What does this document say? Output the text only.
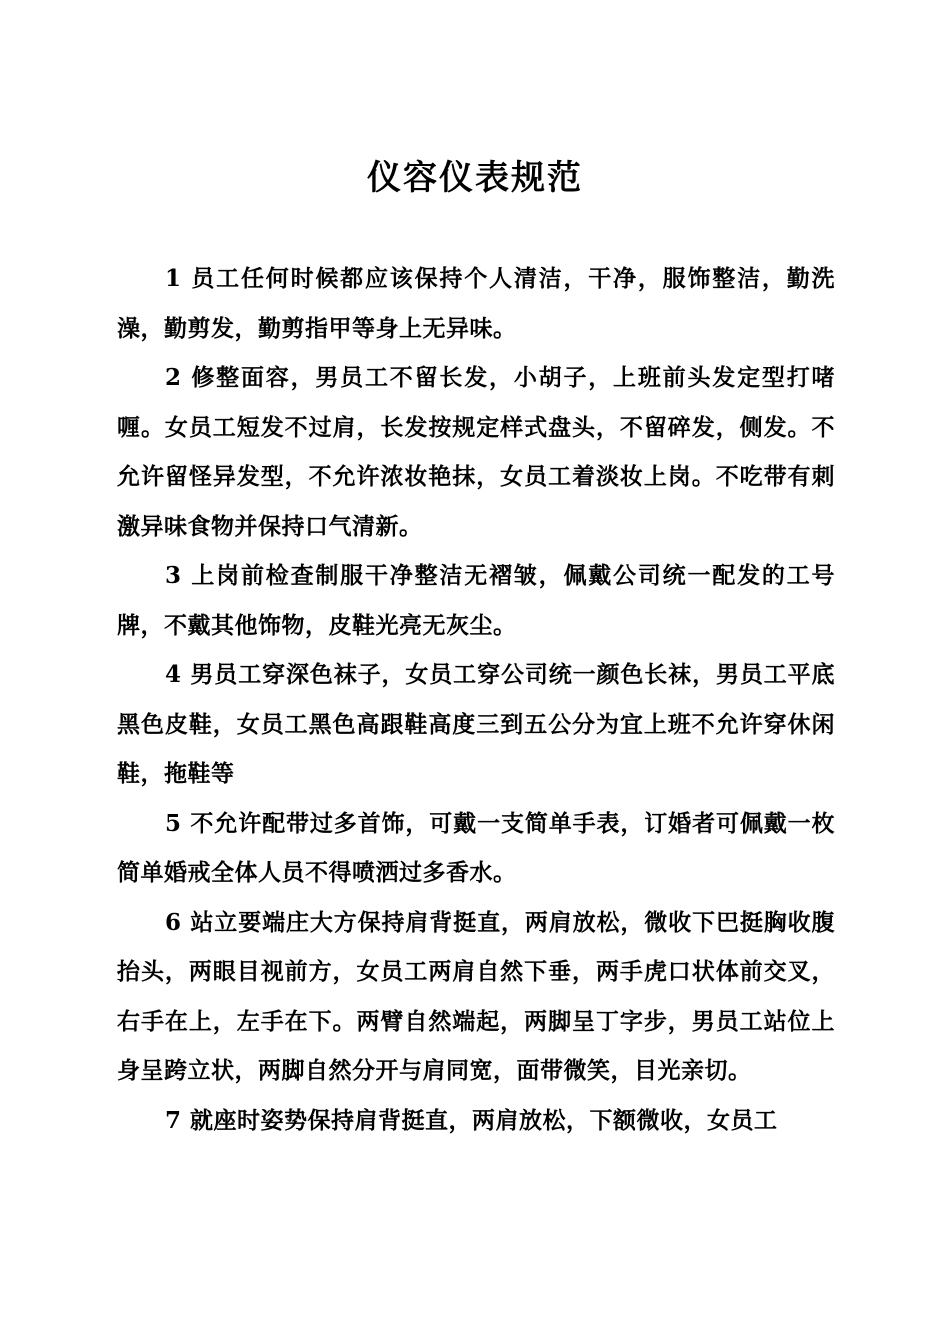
仪容仪表规范

1 员工任何时候都应该保持个人清洁，干净，服饰整洁，勤洗澡，勤剪发，勤剪指甲等身上无异味。

2 修整面容，男员工不留长发，小胡子，上班前头发定型打啫喱。女员工短发不过肩，长发按规定样式盘头，不留碎发，侧发。不允许留怪异发型，不允许浓妆艳抹，女员工着淡妆上岗。不吃带有刺激异味食物并保持口气清新。

3 上岗前检查制服干净整洁无褶皱，佩戴公司统一配发的工号牌，不戴其他饰物，皮鞋光亮无灰尘。

4 男员工穿深色袜子，女员工穿公司统一颜色长袜，男员工平底黑色皮鞋，女员工黑色高跟鞋高度三到五公分为宜上班不允许穿休闲鞋，拖鞋等

5 不允许配带过多首饰，可戴一支简单手表，订婚者可佩戴一枚简单婚戒全体人员不得喷洒过多香水。

6 站立要端庄大方保持肩背挺直，两肩放松，微收下巴挺胸收腹抬头，两眼目视前方，女员工两肩自然下垂，两手虎口状体前交叉，右手在上，左手在下。两臂自然端起，两脚呈丁字步，男员工站位上身呈跨立状，两脚自然分开与肩同宽，面带微笑，目光亲切。

7 就座时姿势保持肩背挺直，两肩放松，下额微收，女员工
